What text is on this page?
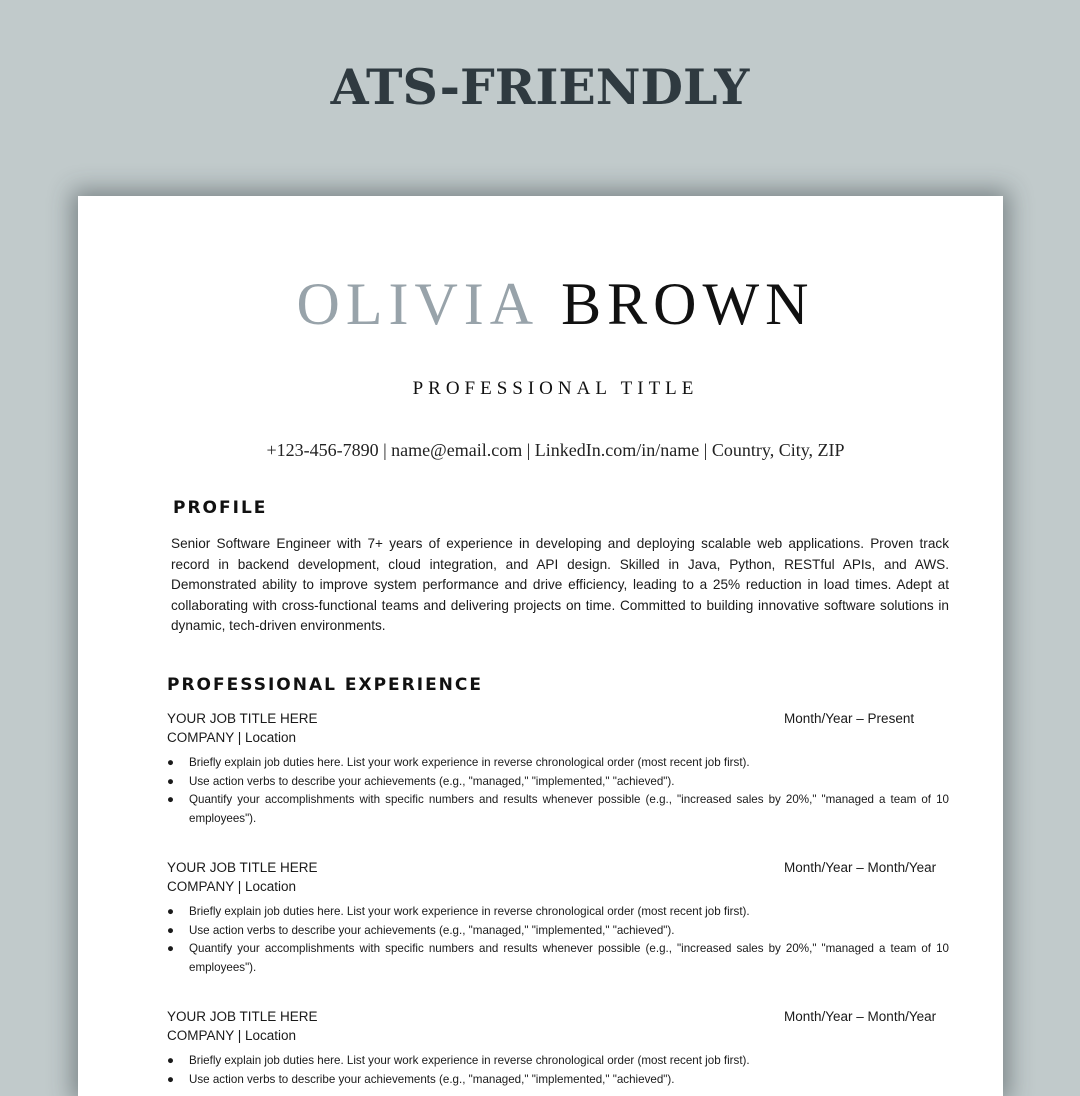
ATS-FRIENDLY
OLIVIA BROWN
PROFESSIONAL TITLE
+123-456-7890 | name@email.com | LinkedIn.com/in/name | Country, City, ZIP
PROFILE
Senior Software Engineer with 7+ years of experience in developing and deploying scalable web applications. Proven track record in backend development, cloud integration, and API design. Skilled in Java, Python, RESTful APIs, and AWS. Demonstrated ability to improve system performance and drive efficiency, leading to a 25% reduction in load times. Adept at collaborating with cross-functional teams and delivering projects on time. Committed to building innovative software solutions in dynamic, tech-driven environments.
PROFESSIONAL EXPERIENCE
YOUR JOB TITLE HERE	Month/Year – Present
COMPANY | Location
● Briefly explain job duties here. List your work experience in reverse chronological order (most recent job first).
● Use action verbs to describe your achievements (e.g., "managed," "implemented," "achieved").
● Quantify your accomplishments with specific numbers and results whenever possible (e.g., "increased sales by 20%," "managed a team of 10 employees").
YOUR JOB TITLE HERE	Month/Year – Month/Year
COMPANY | Location
● Briefly explain job duties here. List your work experience in reverse chronological order (most recent job first).
● Use action verbs to describe your achievements (e.g., "managed," "implemented," "achieved").
● Quantify your accomplishments with specific numbers and results whenever possible (e.g., "increased sales by 20%," "managed a team of 10 employees").
YOUR JOB TITLE HERE	Month/Year – Month/Year
COMPANY | Location
● Briefly explain job duties here. List your work experience in reverse chronological order (most recent job first).
● Use action verbs to describe your achievements (e.g., "managed," "implemented," "achieved").
